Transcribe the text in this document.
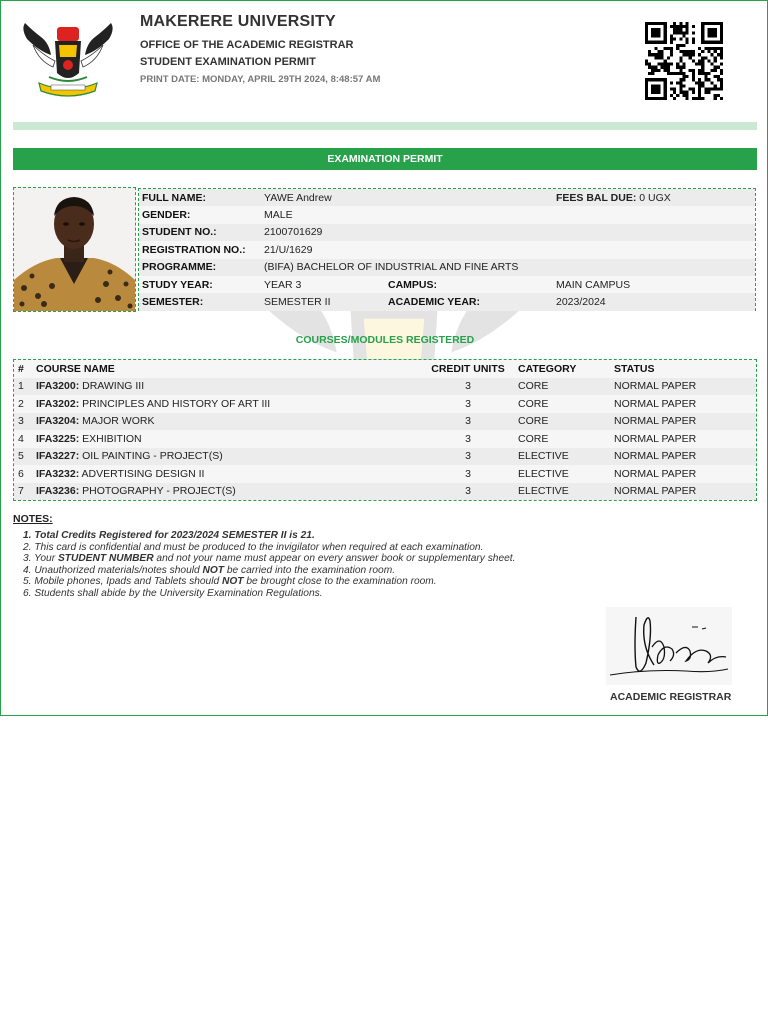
MAKERERE UNIVERSITY
OFFICE OF THE ACADEMIC REGISTRAR
STUDENT EXAMINATION PERMIT
PRINT DATE: MONDAY, APRIL 29TH 2024, 8:48:57 AM
EXAMINATION PERMIT
FULL NAME:	YAWE Andrew		FEES BAL DUE: 0 UGX
GENDER:	MALE		
STUDENT NO.:	2100701629		
REGISTRATION NO.:	21/U/1629		
PROGRAMME:	(BIFA) BACHELOR OF INDUSTRIAL AND FINE ARTS		
STUDY YEAR:	YEAR 3	CAMPUS:	MAIN CAMPUS
SEMESTER:	SEMESTER II	ACADEMIC YEAR:	2023/2024
COURSES/MODULES REGISTERED
#	COURSE NAME	CREDIT UNITS	CATEGORY	STATUS
1	IFA3200: DRAWING III	3	CORE	NORMAL PAPER
2	IFA3202: PRINCIPLES AND HISTORY OF ART III	3	CORE	NORMAL PAPER
3	IFA3204: MAJOR WORK	3	CORE	NORMAL PAPER
4	IFA3225: EXHIBITION	3	CORE	NORMAL PAPER
5	IFA3227: OIL PAINTING - PROJECT(S)	3	ELECTIVE	NORMAL PAPER
6	IFA3232: ADVERTISING DESIGN II	3	ELECTIVE	NORMAL PAPER
7	IFA3236: PHOTOGRAPHY - PROJECT(S)	3	ELECTIVE	NORMAL PAPER
NOTES:
1. Total Credits Registered for 2023/2024 SEMESTER II is 21.
2. This card is confidential and must be produced to the invigilator when required at each examination.
3. Your STUDENT NUMBER and not your name must appear on every answer book or supplementary sheet.
4. Unauthorized materials/notes should NOT be carried into the examination room.
5. Mobile phones, Ipads and Tablets should NOT be brought close to the examination room.
6. Students shall abide by the University Examination Regulations.
ACADEMIC REGISTRAR
